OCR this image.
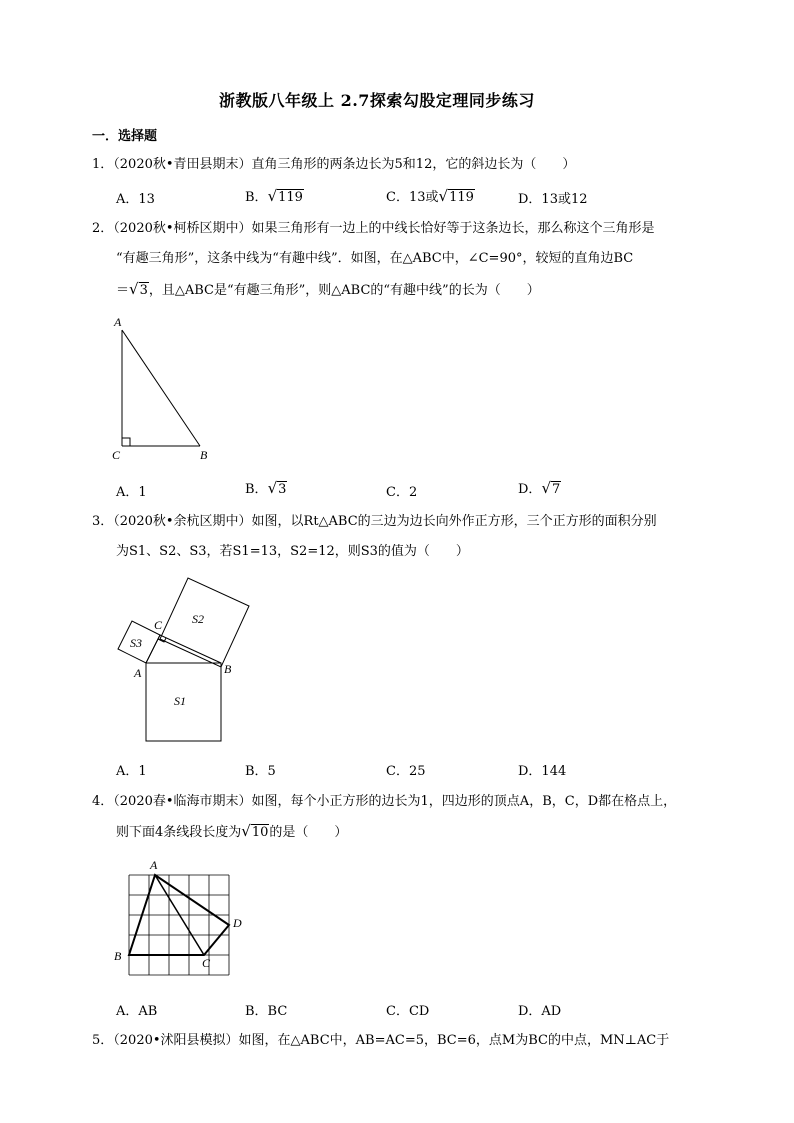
浙教版八年级上 2.7探索勾股定理同步练习
一．选择题
1．（2020秋•青田县期末）直角三角形的两条边长为5和12，它的斜边长为（　　）
A．13	B．√119	C．13或√119	D．13或12
2．（2020秋•柯桥区期中）如果三角形有一边上的中线长恰好等于这条边长，那么称这个三角形是
“有趣三角形”，这条中线为“有趣中线”．如图，在△ABC中，∠C=90°，较短的直角边BC
＝√3，且△ABC是“有趣三角形”，则△ABC的“有趣中线”的长为（　　）
A
C	B
A．1	B．√3	C．2	D．√7
3．（2020秋•余杭区期中）如图，以Rt△ABC的三边为边长向外作正方形，三个正方形的面积分别
为S1、S2、S3，若S1=13，S2=12，则S3的值为（　　）
C S2
S3
A	B
S1
A．1	B．5	C．25	D．144
4．（2020春•临海市期末）如图，每个小正方形的边长为1，四边形的顶点A，B，C，D都在格点上，
则下面4条线段长度为√10的是（　　）
A
D
B	C
A．AB	B．BC	C．CD	D．AD
5．（2020•沭阳县模拟）如图，在△ABC中，AB=AC=5，BC=6，点M为BC的中点，MN⊥AC于
